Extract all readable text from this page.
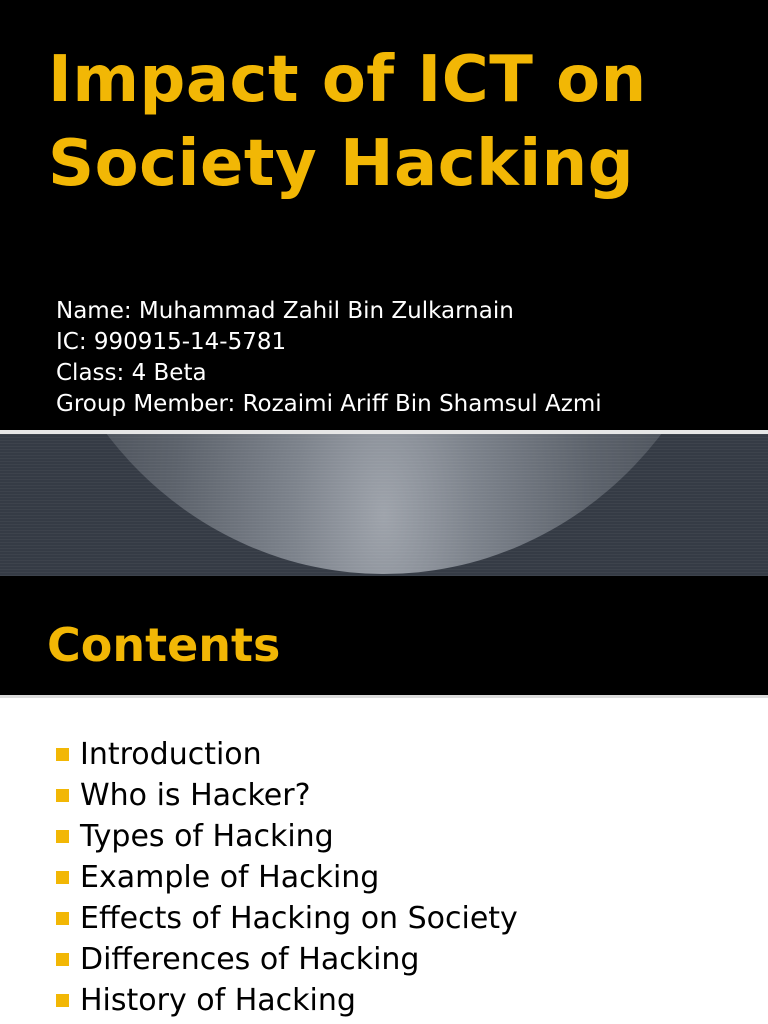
Impact of ICT on
Society Hacking
Name: Muhammad Zahil Bin Zulkarnain
IC: 990915-14-5781
Class: 4 Beta
Group Member: Rozaimi Ariff Bin Shamsul Azmi
Contents
Introduction
Who is Hacker?
Types of Hacking
Example of Hacking
Effects of Hacking on Society
Differences of Hacking
History of Hacking
